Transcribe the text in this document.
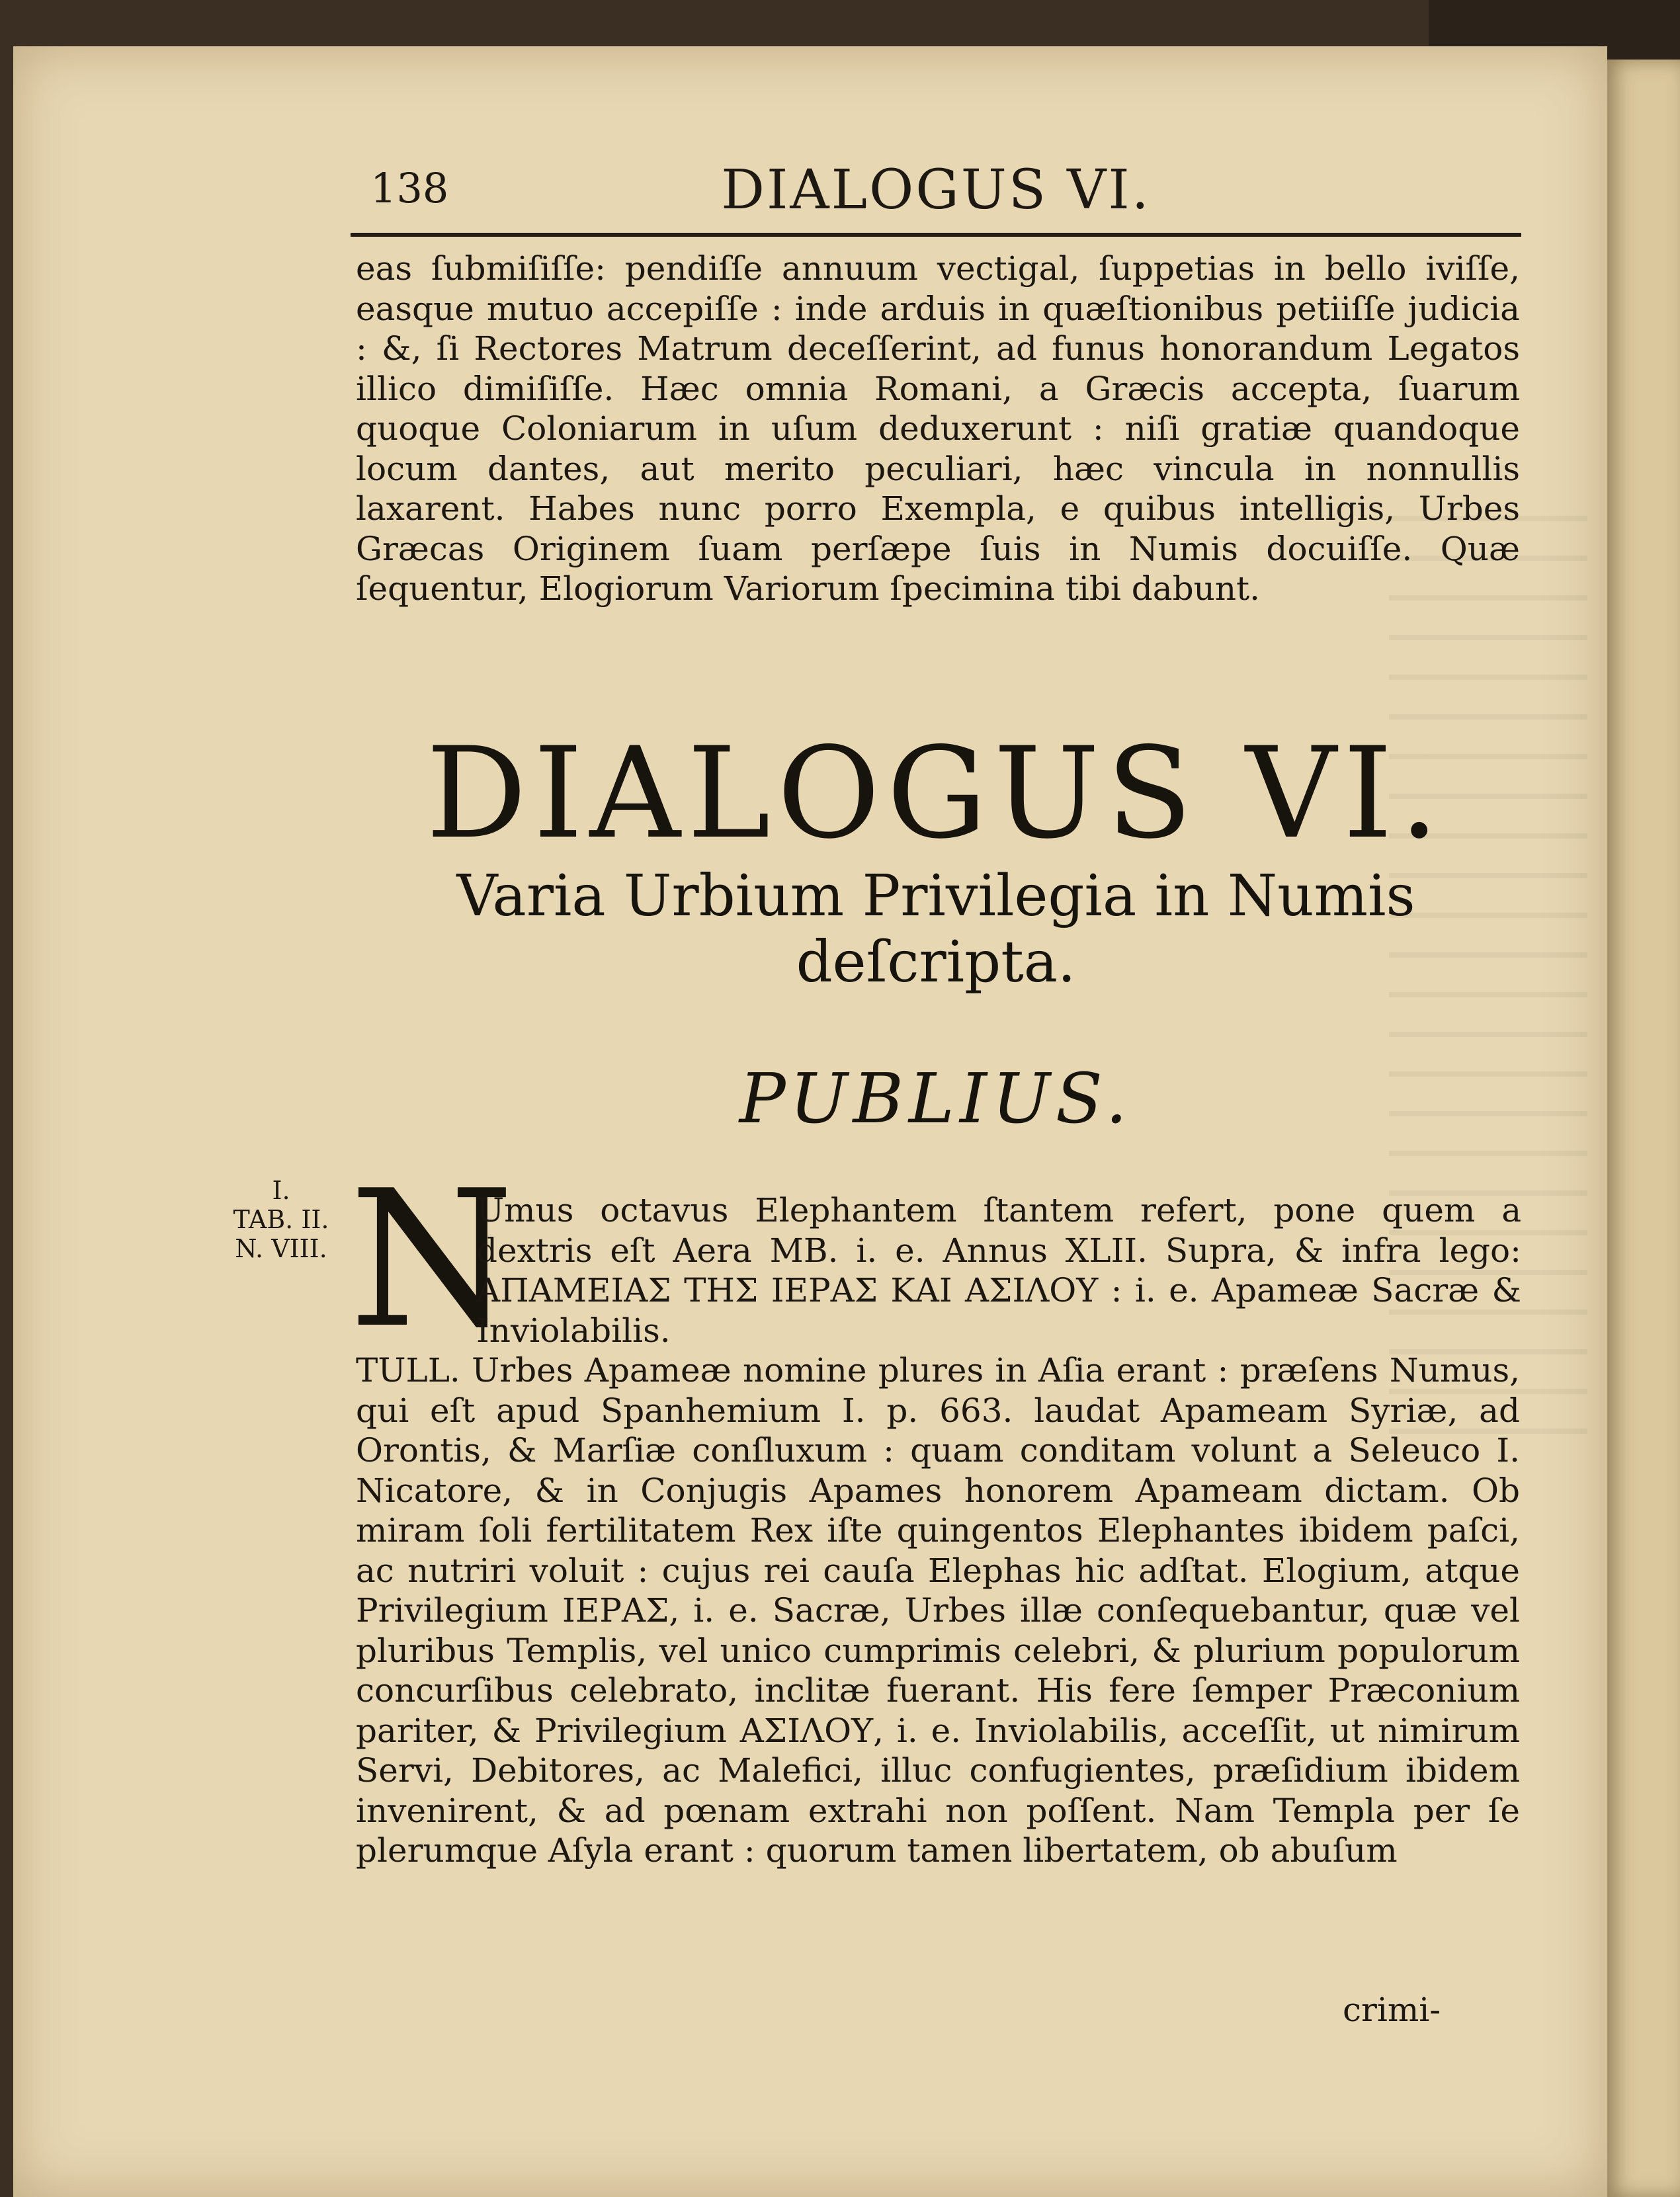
138	DIALOGUS VI.

eas ſubmiſiſſe: pendiſſe annuum vectigal, ſuppetias in bello iviſſe, easque mutuo accepiſſe : inde arduis in quæſtionibus petiiſſe judicia : &, ſi Rectores Matrum deceſſerint, ad funus honorandum Legatos illico dimiſiſſe. Hæc omnia Romani, a Græcis accepta, ſuarum quoque Coloniarum in uſum deduxerunt : niſi gratiæ quandoque locum dantes, aut merito peculiari, hæc vincula in nonnullis laxarent. Habes nunc porro Exempla, e quibus intelligis, Urbes Græcas Originem ſuam perſæpe ſuis in Numis docuiſſe. Quæ ſequentur, Elogiorum Variorum ſpecimina tibi dabunt.

DIALOGUS VI.
Varia Urbium Privilegia in Numis
deſcripta.
PUBLIUS.
I.
TAB. II.
N. VIII. N

Umus octavus Elephantem ſtantem refert, pone quem a dextris eſt Aera MB. i. e. Annus XLII. Supra, & infra lego: ΑΠΑΜΕΙΑΣ ΤΗΣ ΙΕΡΑΣ ΚΑΙ ΑΣΙΛΟΥ : i. e. Apameæ Sacræ & Inviolabilis.

TULL. Urbes Apameæ nomine plures in Aſia erant : præſens Numus, qui eſt apud Spanhemium I. p. 663. laudat Apameam Syriæ, ad Orontis, & Marſiæ conſluxum : quam conditam volunt a Seleuco I. Nicatore, & in Conjugis Apames honorem Apameam dictam. Ob miram ſoli fertilitatem Rex iſte quingentos Elephantes ibidem paſci, ac nutriri voluit : cujus rei cauſa Elephas hic adſtat. Elogium, atque Privilegium ΙΕΡΑΣ, i. e. Sacræ, Urbes illæ conſequebantur, quæ vel pluribus Templis, vel unico cumprimis celebri, & plurium populorum concurſibus celebrato, inclitæ fuerant. His fere ſemper Præconium pariter, & Privilegium ΑΣΙΛΟΥ, i. e. Inviolabilis, acceſſit, ut nimirum Servi, Debitores, ac Malefici, illuc confugientes, præſidium ibidem invenirent, & ad pœnam extrahi non poſſent. Nam Templa per ſe plerumque Aſyla erant : quorum tamen libertatem, ob abuſum

crimi-
